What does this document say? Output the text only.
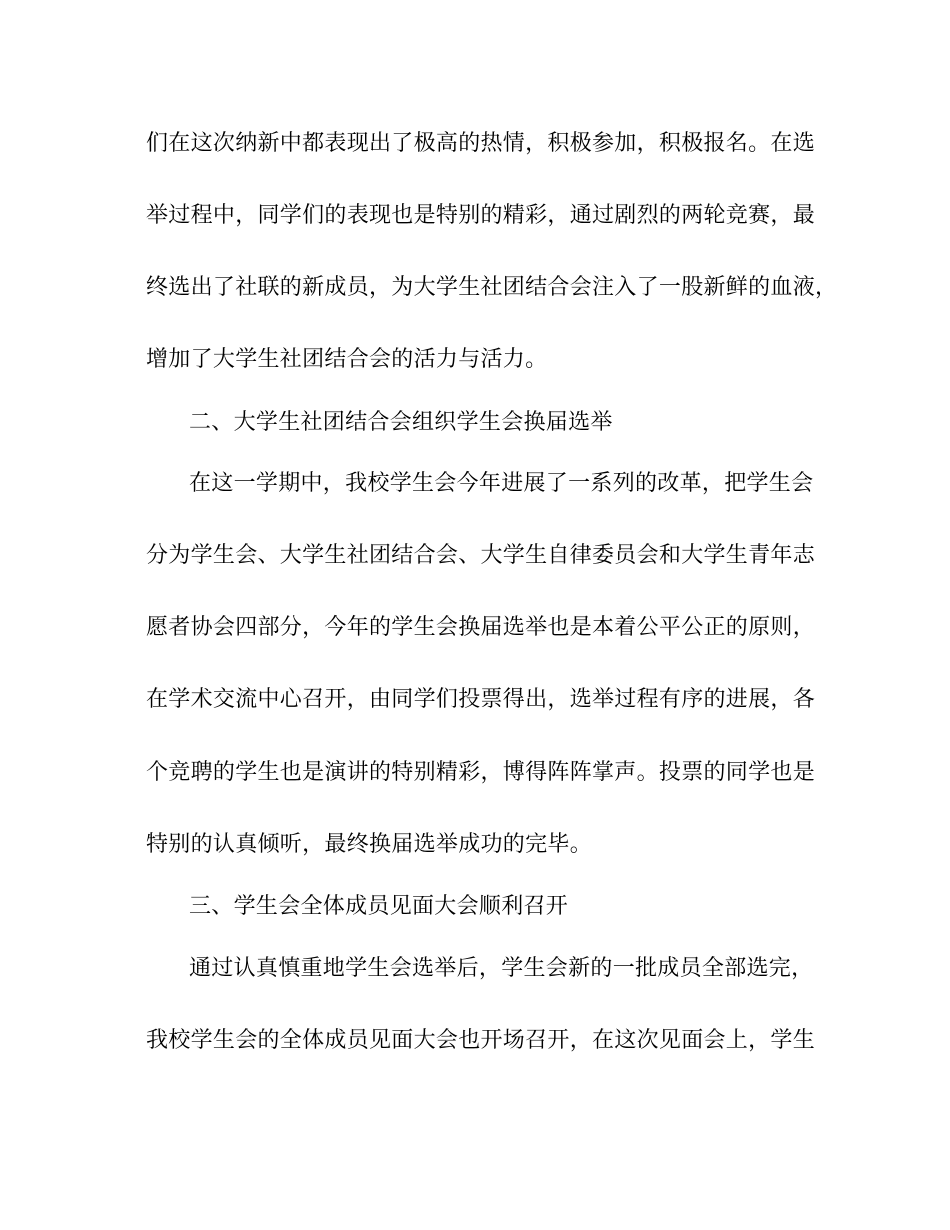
们在这次纳新中都表现出了极高的热情，积极参加，积极报名。在选
举过程中，同学们的表现也是特别的精彩，通过剧烈的两轮竞赛，最
终选出了社联的新成员，为大学生社团结合会注入了一股新鲜的血液，
增加了大学生社团结合会的活力与活力。
二、大学生社团结合会组织学生会换届选举
在这一学期中，我校学生会今年进展了一系列的改革，把学生会
分为学生会、大学生社团结合会、大学生自律委员会和大学生青年志
愿者协会四部分，今年的学生会换届选举也是本着公平公正的原则，
在学术交流中心召开，由同学们投票得出，选举过程有序的进展，各
个竞聘的学生也是演讲的特别精彩，博得阵阵掌声。投票的同学也是
特别的认真倾听，最终换届选举成功的完毕。
三、学生会全体成员见面大会顺利召开
通过认真慎重地学生会选举后，学生会新的一批成员全部选完，
我校学生会的全体成员见面大会也开场召开，在这次见面会上，学生
